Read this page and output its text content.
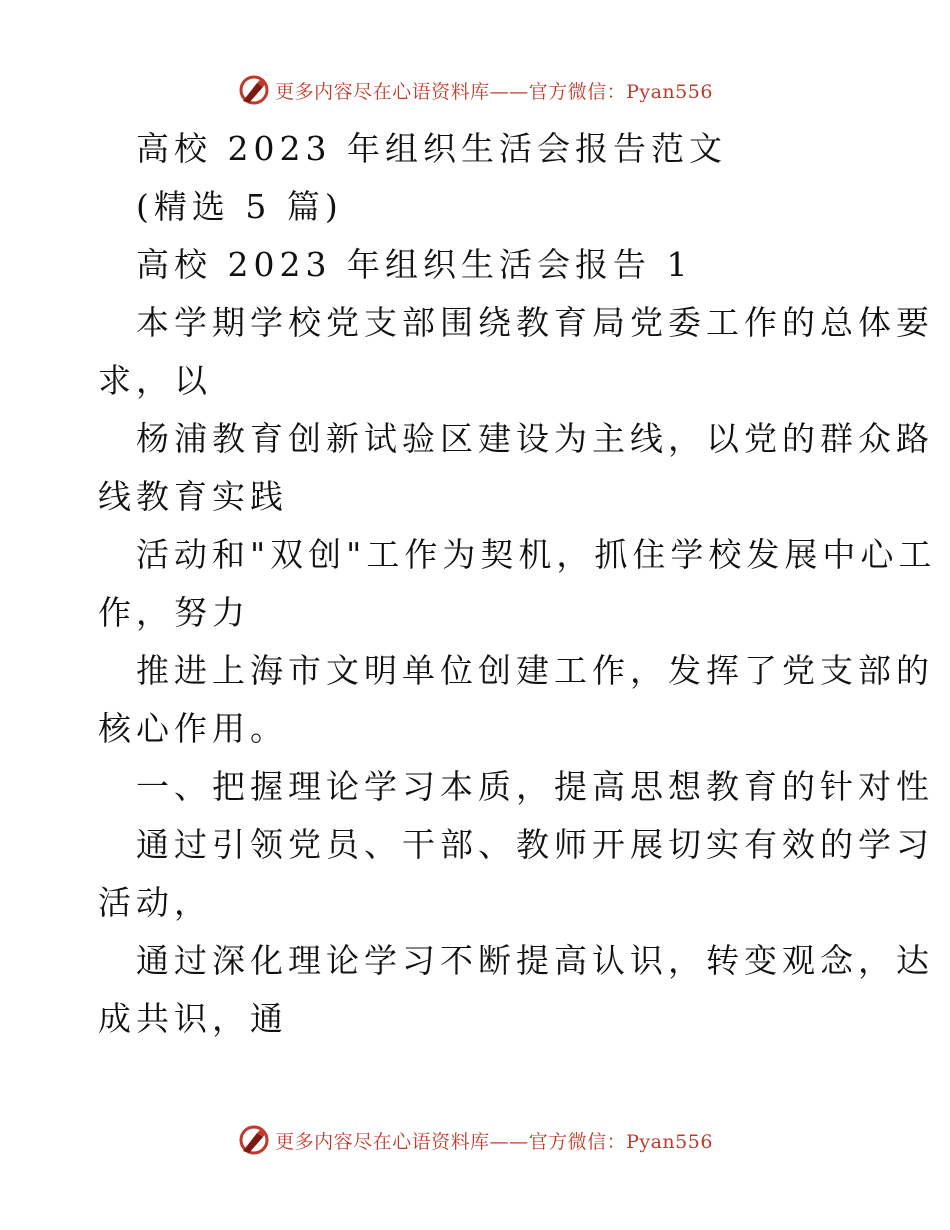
更多内容尽在心语资料库——官方微信：Pyan556
高校 2023 年组织生活会报告范文
(精选 5 篇)
高校 2023 年组织生活会报告 1
本学期学校党支部围绕教育局党委工作的总体要
求，以
杨浦教育创新试验区建设为主线，以党的群众路
线教育实践
活动和"双创"工作为契机，抓住学校发展中心工
作，努力
推进上海市文明单位创建工作，发挥了党支部的
核心作用。
一、把握理论学习本质，提高思想教育的针对性
通过引领党员、干部、教师开展切实有效的学习
活动，
通过深化理论学习不断提高认识，转变观念，达
成共识，通
更多内容尽在心语资料库——官方微信：Pyan556
